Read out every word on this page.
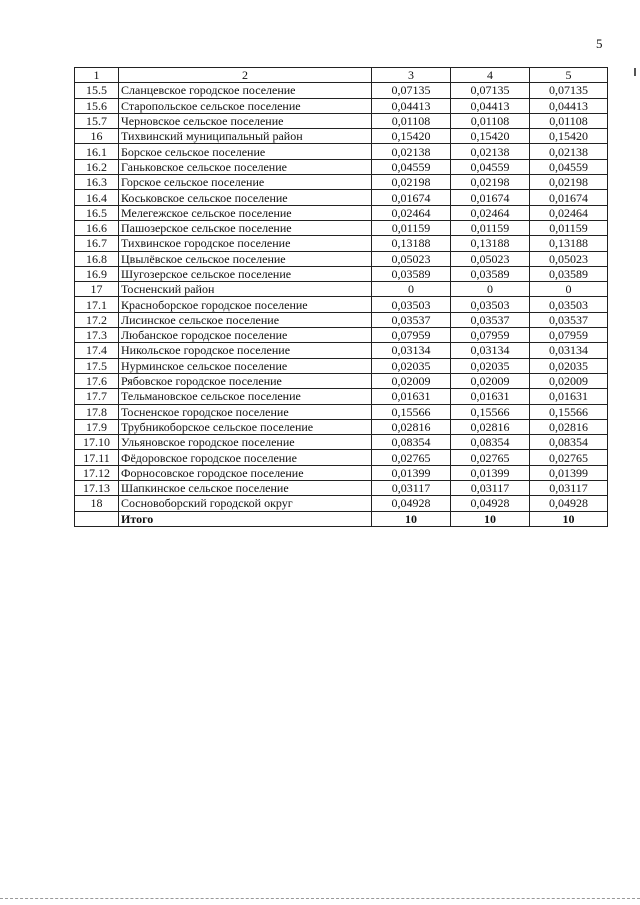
5
1	2	3	4	5
15.5	Сланцевское городское поселение	0,07135	0,07135	0,07135
15.6	Старопольское сельское поселение	0,04413	0,04413	0,04413
15.7	Черновское сельское поселение	0,01108	0,01108	0,01108
16	Тихвинский муниципальный район	0,15420	0,15420	0,15420
16.1	Борское сельское поселение	0,02138	0,02138	0,02138
16.2	Ганьковское сельское поселение	0,04559	0,04559	0,04559
16.3	Горское сельское поселение	0,02198	0,02198	0,02198
16.4	Коськовское сельское поселение	0,01674	0,01674	0,01674
16.5	Мелегежское сельское поселение	0,02464	0,02464	0,02464
16.6	Пашозерское сельское поселение	0,01159	0,01159	0,01159
16.7	Тихвинское городское поселение	0,13188	0,13188	0,13188
16.8	Цвылёвское сельское поселение	0,05023	0,05023	0,05023
16.9	Шугозерское сельское поселение	0,03589	0,03589	0,03589
17	Тосненский район	0	0	0
17.1	Красноборское городское поселение	0,03503	0,03503	0,03503
17.2	Лисинское сельское поселение	0,03537	0,03537	0,03537
17.3	Любанское городское поселение	0,07959	0,07959	0,07959
17.4	Никольское городское поселение	0,03134	0,03134	0,03134
17.5	Нурминское сельское поселение	0,02035	0,02035	0,02035
17.6	Рябовское городское поселение	0,02009	0,02009	0,02009
17.7	Тельмановское сельское поселение	0,01631	0,01631	0,01631
17.8	Тосненское городское поселение	0,15566	0,15566	0,15566
17.9	Трубникоборское сельское поселение	0,02816	0,02816	0,02816
17.10	Ульяновское городское поселение	0,08354	0,08354	0,08354
17.11	Фёдоровское городское поселение	0,02765	0,02765	0,02765
17.12	Форносовское городское поселение	0,01399	0,01399	0,01399
17.13	Шапкинское сельское поселение	0,03117	0,03117	0,03117
18	Сосновоборский городской округ	0,04928	0,04928	0,04928
	Итого	10	10	10
